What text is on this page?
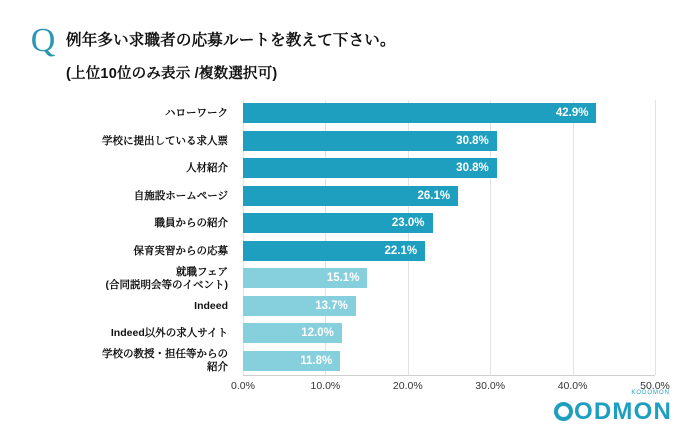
Q 例年多い求職者の応募ルートを教えて下さい。
(上位10位のみ表示 /複数選択可)
ハローワーク
学校に提出している求人票
人材紹介
自施設ホームページ
職員からの紹介
保育実習からの応募
就職フェア
(合同説明会等のイベント)
Indeed
Indeed以外の求人サイト
学校の教授・担任等からの
紹介
42.9%
30.8%
30.8%
26.1%
23.0%
22.1%
15.1%
13.7%
12.0%
11.8%
0.0%	10.0%	20.0%	30.0%	40.0%	50.0%
KODOMON
ODMON
